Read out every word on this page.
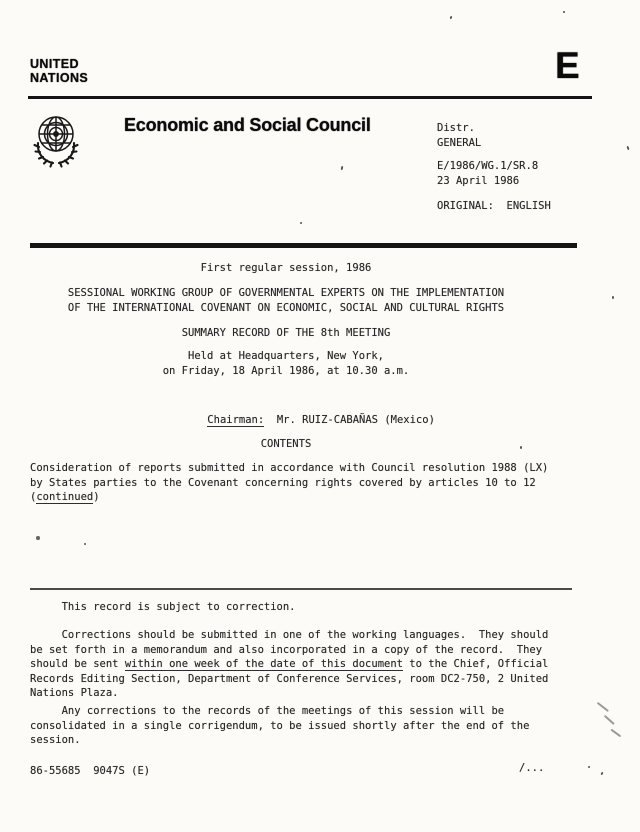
UNITED
NATIONS	E
Economic and Social Council	Distr.
GENERAL
E/1986/WG.1/SR.8
23 April 1986
ORIGINAL:  ENGLISH
First regular session, 1986
SESSIONAL WORKING GROUP OF GOVERNMENTAL EXPERTS ON THE IMPLEMENTATION
OF THE INTERNATIONAL COVENANT ON ECONOMIC, SOCIAL AND CULTURAL RIGHTS
SUMMARY RECORD OF THE 8th MEETING
Held at Headquarters, New York,
on Friday, 18 April 1986, at 10.30 a.m.

Chairman: Mr. RUIZ-CABAÑAS (Mexico)

CONTENTS
Consideration of reports submitted in accordance with Council resolution 1988 (LX)
by States parties to the Covenant concerning rights covered by articles 10 to 12
(continued)
This record is subject to correction.
Corrections should be submitted in one of the working languages.  They should
be set forth in a memorandum and also incorporated in a copy of the record.  They
should be sent within one week of the date of this document to the Chief, Official
Records Editing Section, Department of Conference Services, room DC2-750, 2 United
Nations Plaza.
Any corrections to the records of the meetings of this session will be
consolidated in a single corrigendum, to be issued shortly after the end of the
session.
86-55685  9047S (E)	/...
